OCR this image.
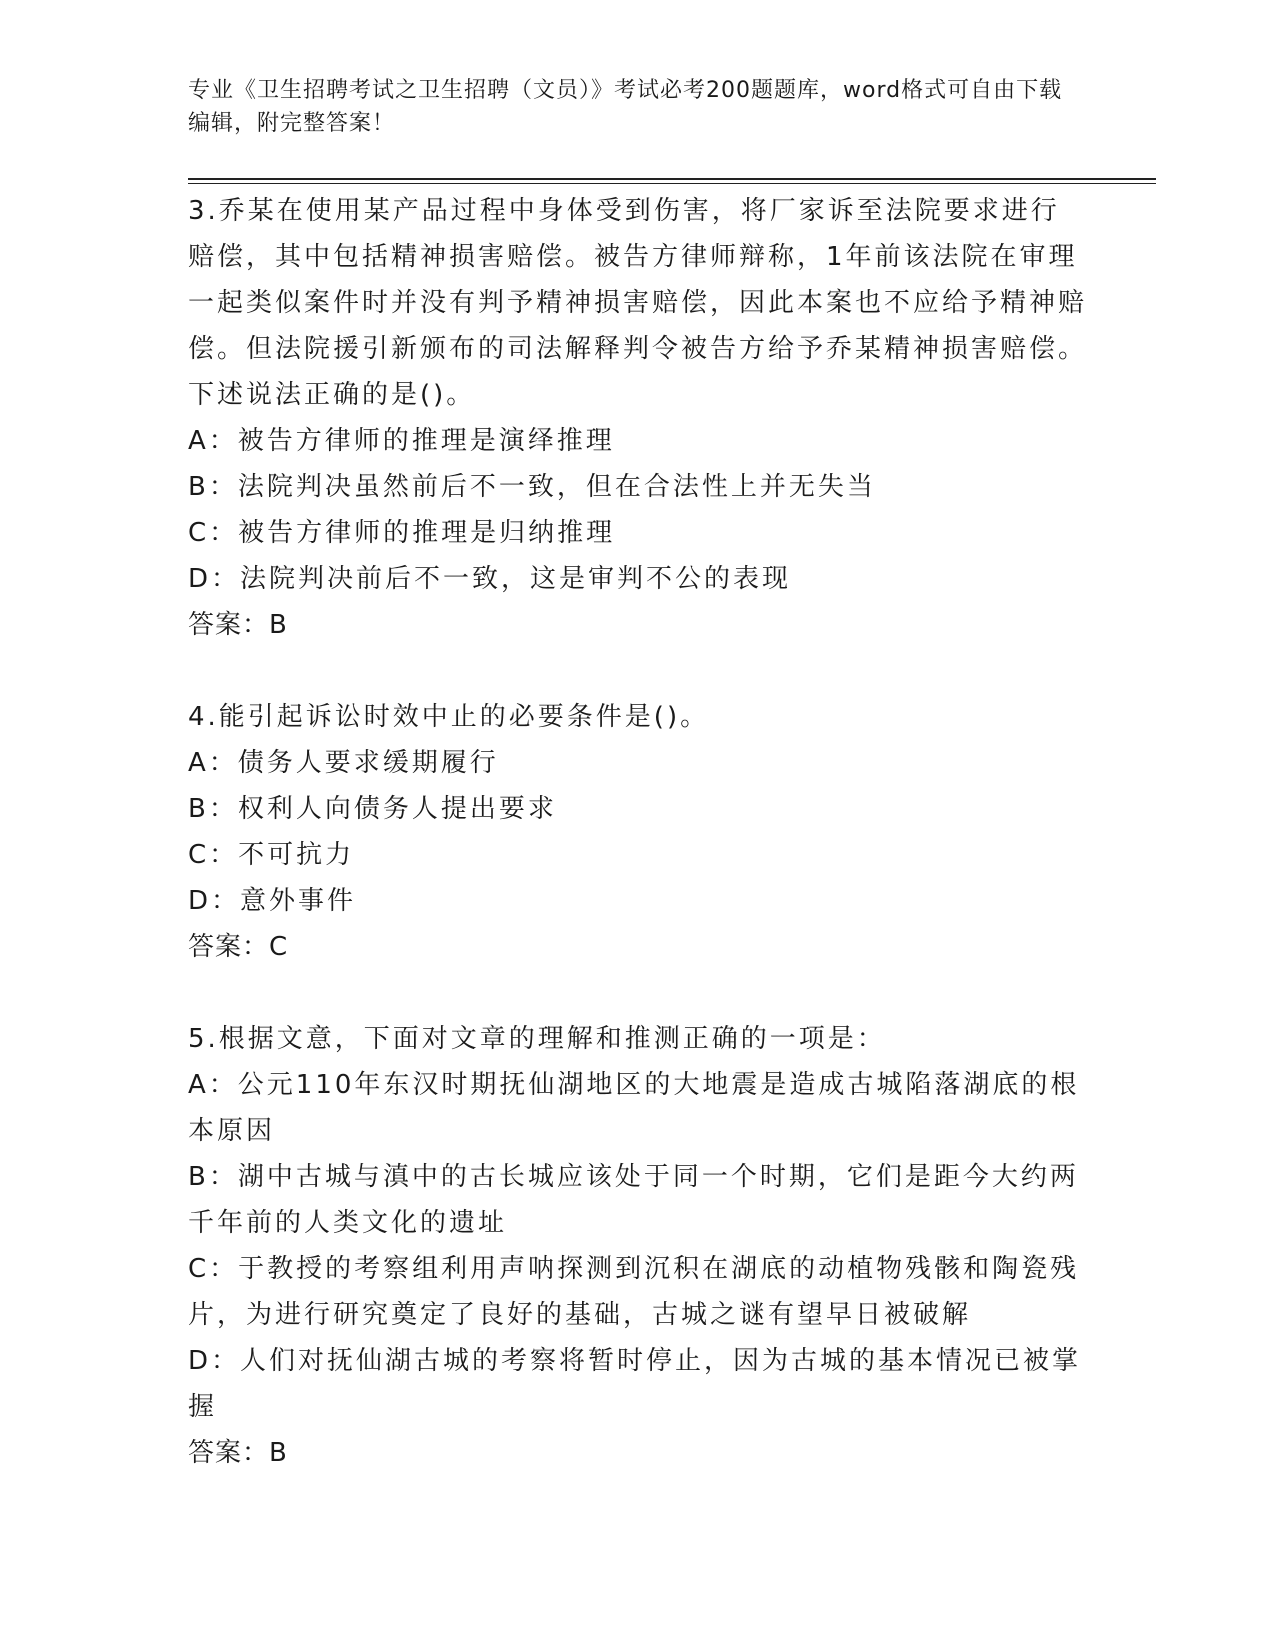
专业《卫生招聘考试之卫生招聘（文员）》考试必考200题题库，word格式可自由下载编辑，附完整答案！

3.乔某在使用某产品过程中身体受到伤害，将厂家诉至法院要求进行赔偿，其中包括精神损害赔偿。被告方律师辩称，1年前该法院在审理一起类似案件时并没有判予精神损害赔偿，因此本案也不应给予精神赔偿。但法院援引新颁布的司法解释判令被告方给予乔某精神损害赔偿。下述说法正确的是()。

A：被告方律师的推理是演绎推理

B：法院判决虽然前后不一致，但在合法性上并无失当

C：被告方律师的推理是归纳推理

D：法院判决前后不一致，这是审判不公的表现

答案：B

4.能引起诉讼时效中止的必要条件是()。

A：债务人要求缓期履行

B：权利人向债务人提出要求

C：不可抗力

D：意外事件

答案：C

5.根据文意，下面对文章的理解和推测正确的一项是：

A：公元110年东汉时期抚仙湖地区的大地震是造成古城陷落湖底的根本原因

B：湖中古城与滇中的古长城应该处于同一个时期，它们是距今大约两千年前的人类文化的遗址

C：于教授的考察组利用声呐探测到沉积在湖底的动植物残骸和陶瓷残片，为进行研究奠定了良好的基础，古城之谜有望早日被破解

D：人们对抚仙湖古城的考察将暂时停止，因为古城的基本情况已被掌握

答案：B
